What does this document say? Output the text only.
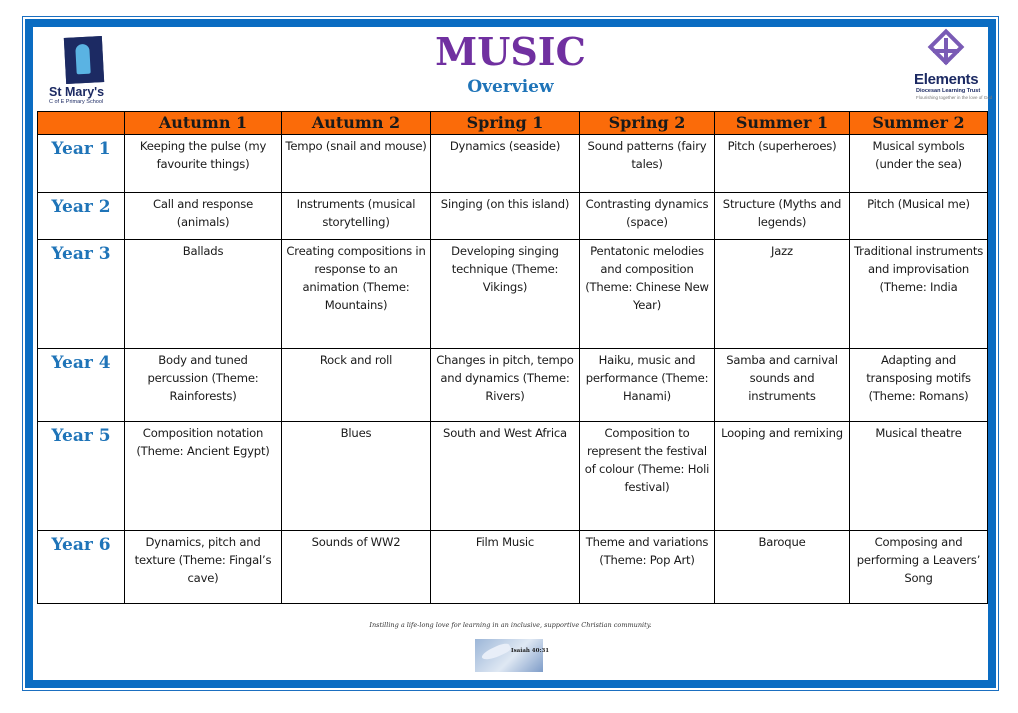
St Mary's
C of E Primary School
MUSIC
Overview	Elements
Diocesan Learning Trust
Flourishing together in the love of God
	Autumn 1	Autumn 2	Spring 1	Spring 2	Summer 1	Summer 2
Year 1	Keeping the pulse (my favourite things)	Tempo (snail and mouse)	Dynamics (seaside)	Sound patterns (fairy tales)	Pitch (superheroes)	Musical symbols (under the sea)
Year 2	Call and response (animals)	Instruments (musical storytelling)	Singing (on this island)	Contrasting dynamics (space)	Structure (Myths and legends)	Pitch (Musical me)
Year 3	Ballads	Creating compositions in response to an animation (Theme: Mountains)	Developing singing technique (Theme: Vikings)	Pentatonic melodies and composition (Theme: Chinese New Year)	Jazz	Traditional instruments and improvisation (Theme: India
Year 4	Body and tuned percussion (Theme: Rainforests)	Rock and roll	Changes in pitch, tempo and dynamics (Theme: Rivers)	Haiku, music and performance (Theme: Hanami)	Samba and carnival sounds and instruments	Adapting and transposing motifs (Theme: Romans)
Year 5	Composition notation (Theme: Ancient Egypt)	Blues	South and West Africa	Composition to represent the festival of colour (Theme: Holi festival)	Looping and remixing	Musical theatre
Year 6	Dynamics, pitch and texture (Theme: Fingal’s cave)	Sounds of WW2	Film Music	Theme and variations (Theme: Pop Art)	Baroque	Composing and performing a Leavers’ Song
Instilling a life-long love for learning in an inclusive, supportive Christian community.
Isaiah 40:31
